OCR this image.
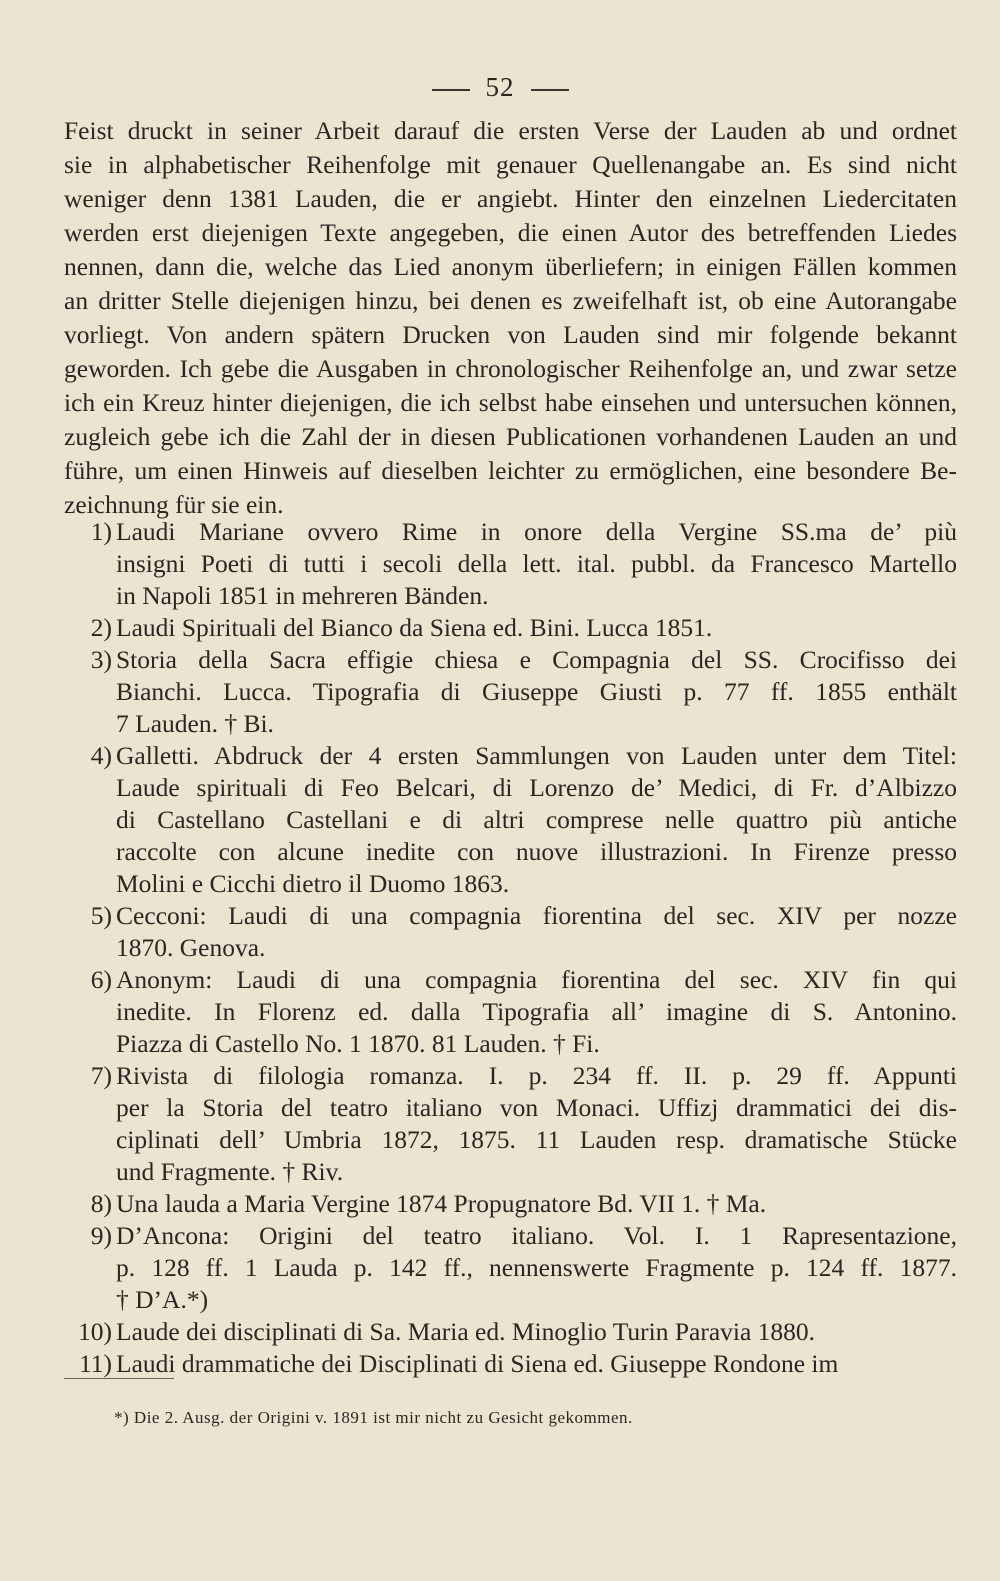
52
Feist druckt in seiner Arbeit darauf die ersten Verse der Lauden ab und ordnet
sie in alphabetischer Reihenfolge mit genauer Quellenangabe an. Es sind nicht
weniger denn 1381 Lauden, die er angiebt. Hinter den einzelnen Liedercitaten
werden erst diejenigen Texte angegeben, die einen Autor des betreffenden Liedes
nennen, dann die, welche das Lied anonym überliefern; in einigen Fällen kommen
an dritter Stelle diejenigen hinzu, bei denen es zweifelhaft ist, ob eine Autorangabe
vorliegt. Von andern spätern Drucken von Lauden sind mir folgende bekannt
geworden. Ich gebe die Ausgaben in chronologischer Reihenfolge an, und zwar setze
ich ein Kreuz hinter diejenigen, die ich selbst habe einsehen und untersuchen können,
zugleich gebe ich die Zahl der in diesen Publicationen vorhandenen Lauden an und
führe, um einen Hinweis auf dieselben leichter zu ermöglichen, eine besondere Be-
zeichnung für sie ein.
1) Laudi Mariane ovvero Rime in onore della Vergine SS.ma de’ più
insigni Poeti di tutti i secoli della lett. ital. pubbl. da Francesco Martello
in Napoli 1851 in mehreren Bänden.
2) Laudi Spirituali del Bianco da Siena ed. Bini. Lucca 1851.
3) Storia della Sacra effigie chiesa e Compagnia del SS. Crocifisso dei
Bianchi. Lucca. Tipografia di Giuseppe Giusti p. 77 ff. 1855 enthält
7 Lauden. † Bi.
4) Galletti. Abdruck der 4 ersten Sammlungen von Lauden unter dem Titel:
Laude spirituali di Feo Belcari, di Lorenzo de’ Medici, di Fr. d’Albizzo
di Castellano Castellani e di altri comprese nelle quattro più antiche
raccolte con alcune inedite con nuove illustrazioni. In Firenze presso
Molini e Cicchi dietro il Duomo 1863.
5) Cecconi: Laudi di una compagnia fiorentina del sec. XIV per nozze
1870. Genova.
6) Anonym: Laudi di una compagnia fiorentina del sec. XIV fin qui
inedite. In Florenz ed. dalla Tipografia all’ imagine di S. Antonino.
Piazza di Castello No. 1 1870. 81 Lauden. † Fi.
7) Rivista di filologia romanza. I. p. 234 ff. II. p. 29 ff. Appunti
per la Storia del teatro italiano von Monaci. Uffizj drammatici dei dis-
ciplinati dell’ Umbria 1872, 1875. 11 Lauden resp. dramatische Stücke
und Fragmente. † Riv.
8) Una lauda a Maria Vergine 1874 Propugnatore Bd. VII 1. † Ma.
9) D’Ancona: Origini del teatro italiano. Vol. I. 1 Rapresentazione,
p. 128 ff. 1 Lauda p. 142 ff., nennenswerte Fragmente p. 124 ff. 1877.
† D’A.*)
10) Laude dei disciplinati di Sa. Maria ed. Minoglio Turin Paravia 1880.
11) Laudi drammatiche dei Disciplinati di Siena ed. Giuseppe Rondone im
*) Die 2. Ausg. der Origini v. 1891 ist mir nicht zu Gesicht gekommen.
